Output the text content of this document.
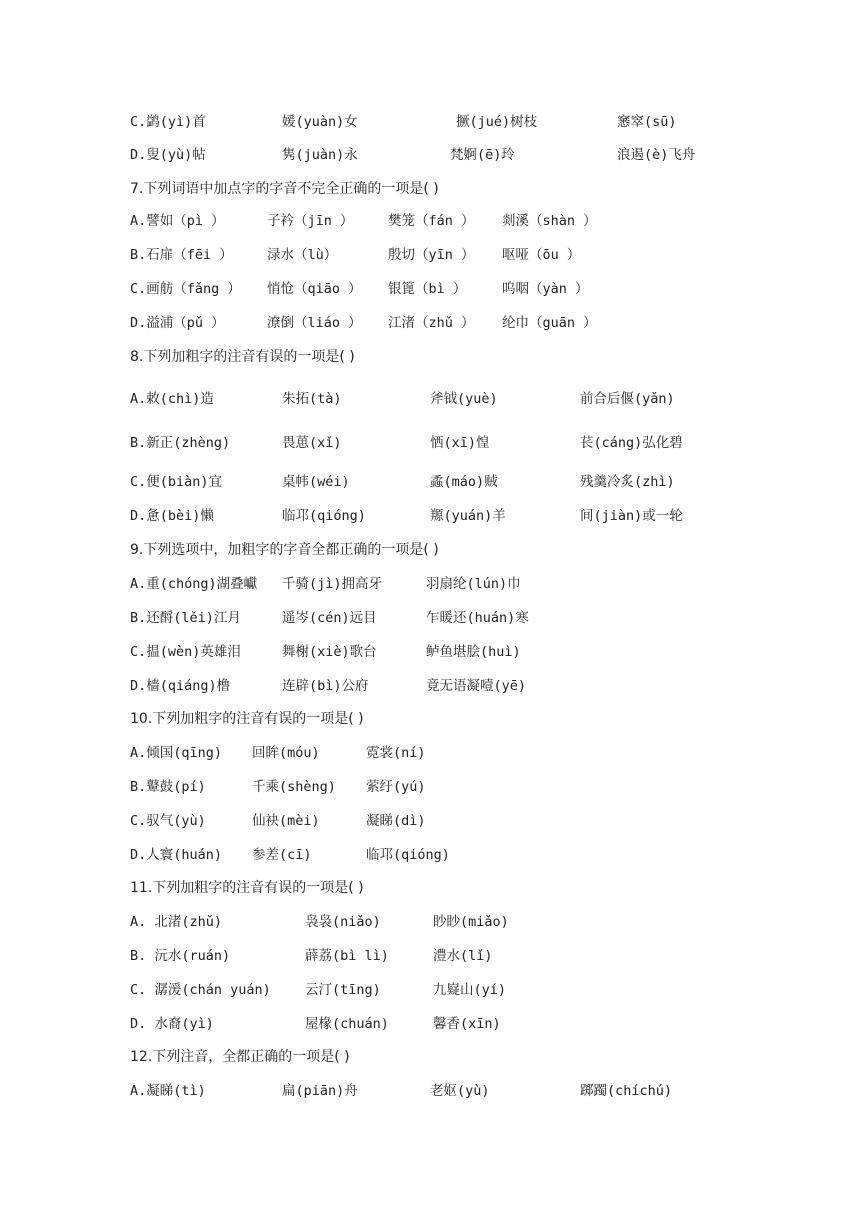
C.鹢(yì)首	媛(yuàn)女	撅(jué)树枝	窸窣(sū)
D.叟(yù)帖	隽(juàn)永	梵婀(ē)玲	浪遏(è)飞舟
7.下列词语中加点字的字音不完全正确的一项是( )
A.譬如（pì ）	子衿（jīn ）	樊笼（fán ） 剡溪（shàn ）
B.石扉（fēi ）	渌水（lù）	殷切（yīn ） 呕哑（ōu ）
C.画舫（fǎng ） 悄怆（qiāo ） 银篦（bì ）	呜咽（yàn ）
D.溢浦（pǔ ）	潦倒（liáo ） 江渚（zhǔ ） 纶巾（guān ）
8.下列加粗字的注音有误的一项是( )
A.敕(chì)造	朱拓(tà)	斧钺(yuè)	前合后偃(yǎn)
B.新正(zhèng)	畏葸(xǐ)	恓(xī)惶	苌(cáng)弘化碧
C.便(biàn)宜	桌帏(wéi)	蟊(máo)贼	残羹冷炙(zhì)
D.惫(bèi)懒	临邛(qióng)	羱(yuán)羊	间(jiàn)或一轮
9.下列选项中，加粗字的字音全都正确的一项是( )
A.重(chóng)湖叠巘 千骑(jì)拥高牙	羽扇纶(lún)巾
B.还酹(lěi)江月	遥岑(cén)远目	乍暖还(huán)寒
C.揾(wèn)英雄泪	舞榭(xiè)歌台	鲈鱼堪脍(huì)
D.樯(qiáng)橹	连辟(bì)公府	竟无语凝噎(yē)
10.下列加粗字的注音有误的一项是( )
A.倾国(qīng) 回眸(móu)	霓裳(ní)
B.鼙鼓(pí)	千乘(shèng) 萦纡(yú)
C.驭气(yù)	仙袂(mèi)	凝睇(dì)
D.人寰(huán) 参差(cī)	临邛(qióng)
11.下列加粗字的注音有误的一项是( )
A. 北渚(zhǔ)	袅袅(niǎo)	眇眇(miǎo)
B. 沅水(ruán)	薜荔(bì lì)	澧水(lǐ)
C. 潺湲(chán yuán)	云汀(tīng)	九嶷山(yí)
D. 水裔(yì)	屋椽(chuán)	馨香(xīn)
12.下列注音，全都正确的一项是( )
A.凝睇(tì)	扁(piān)舟	老妪(yù)	踯躅(chíchú)
